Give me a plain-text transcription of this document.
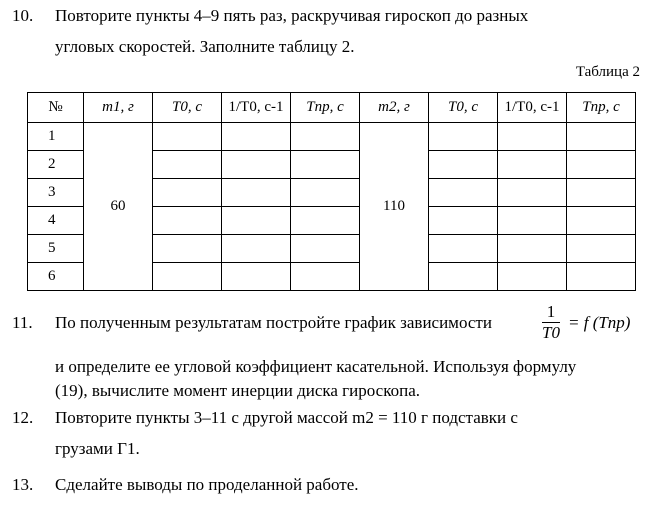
10. Повторите пункты 4–9 пять раз, раскручивая гироскоп до разных
угловых скоростей. Заполните таблицу 2.
Таблица 2
№	m1, г	T0, с	1/T0, с-1	Tпр, с	m2, г	T0, с	1/T0, с-1	Tпр, с
1	60				110			
2								
3								
4								
5								
6								
11. По полученным результатам постройте график зависимости	$\frac{1}{T0} = f$ (Tпр)
и определите ее угловой коэффициент касательной. Используя формулу
(19), вычислите момент инерции диска гироскопа.
12. Повторите пункты 3–11 с другой массой m2 = 110 г подставки с
грузами Г1.
13. Сделайте выводы по проделанной работе.
